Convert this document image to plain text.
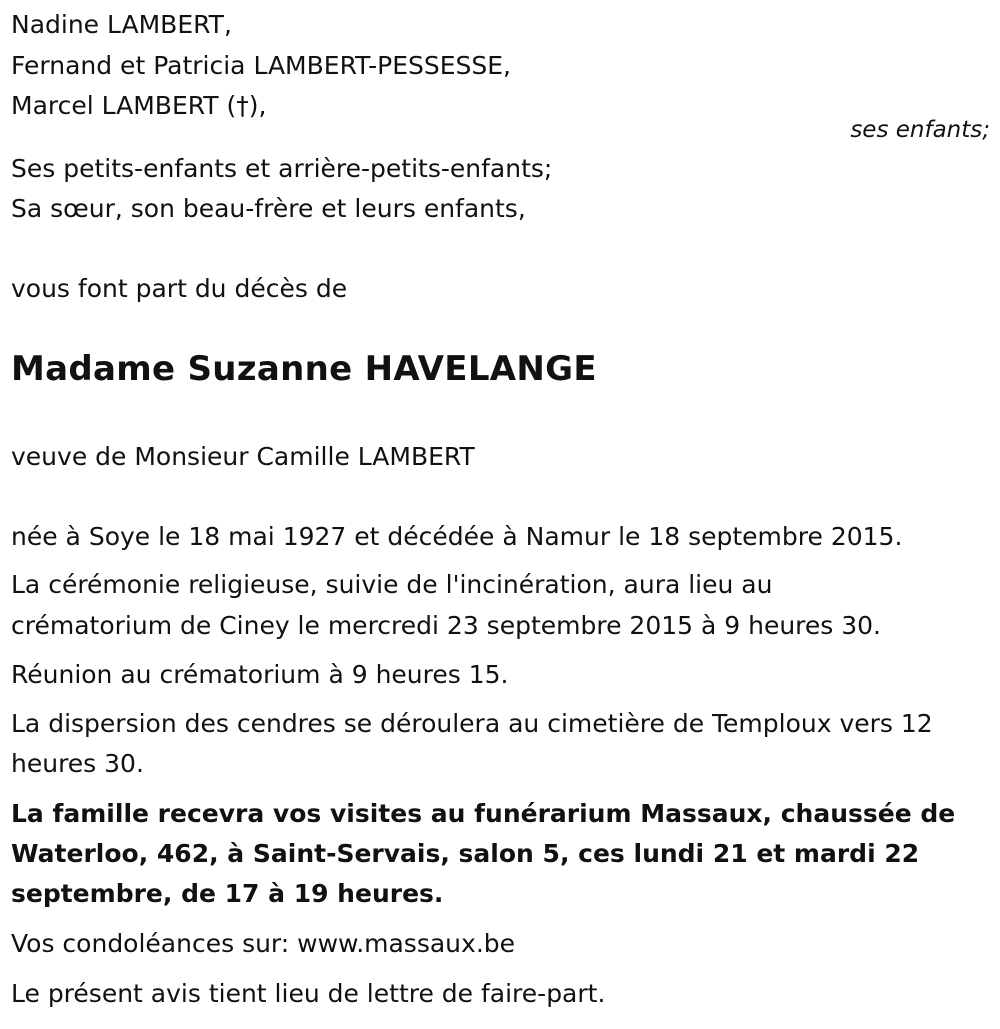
Nadine LAMBERT,
Fernand et Patricia LAMBERT-PESSESSE,
Marcel LAMBERT (†),
ses enfants;
Ses petits-enfants et arrière-petits-enfants;
Sa sœur, son beau-frère et leurs enfants,
vous font part du décès de
Madame Suzanne HAVELANGE
veuve de Monsieur Camille LAMBERT
née à Soye le 18 mai 1927 et décédée à Namur le 18 septembre 2015.
La cérémonie religieuse, suivie de l'incinération, aura lieu au
crématorium de Ciney le mercredi 23 septembre 2015 à 9 heures 30.
Réunion au crématorium à 9 heures 15.
La dispersion des cendres se déroulera au cimetière de Temploux vers 12
heures 30.
La famille recevra vos visites au funérarium Massaux, chaussée de
Waterloo, 462, à Saint-Servais, salon 5, ces lundi 21 et mardi 22
septembre, de 17 à 19 heures.
Vos condoléances sur: www.massaux.be
Le présent avis tient lieu de lettre de faire-part.
